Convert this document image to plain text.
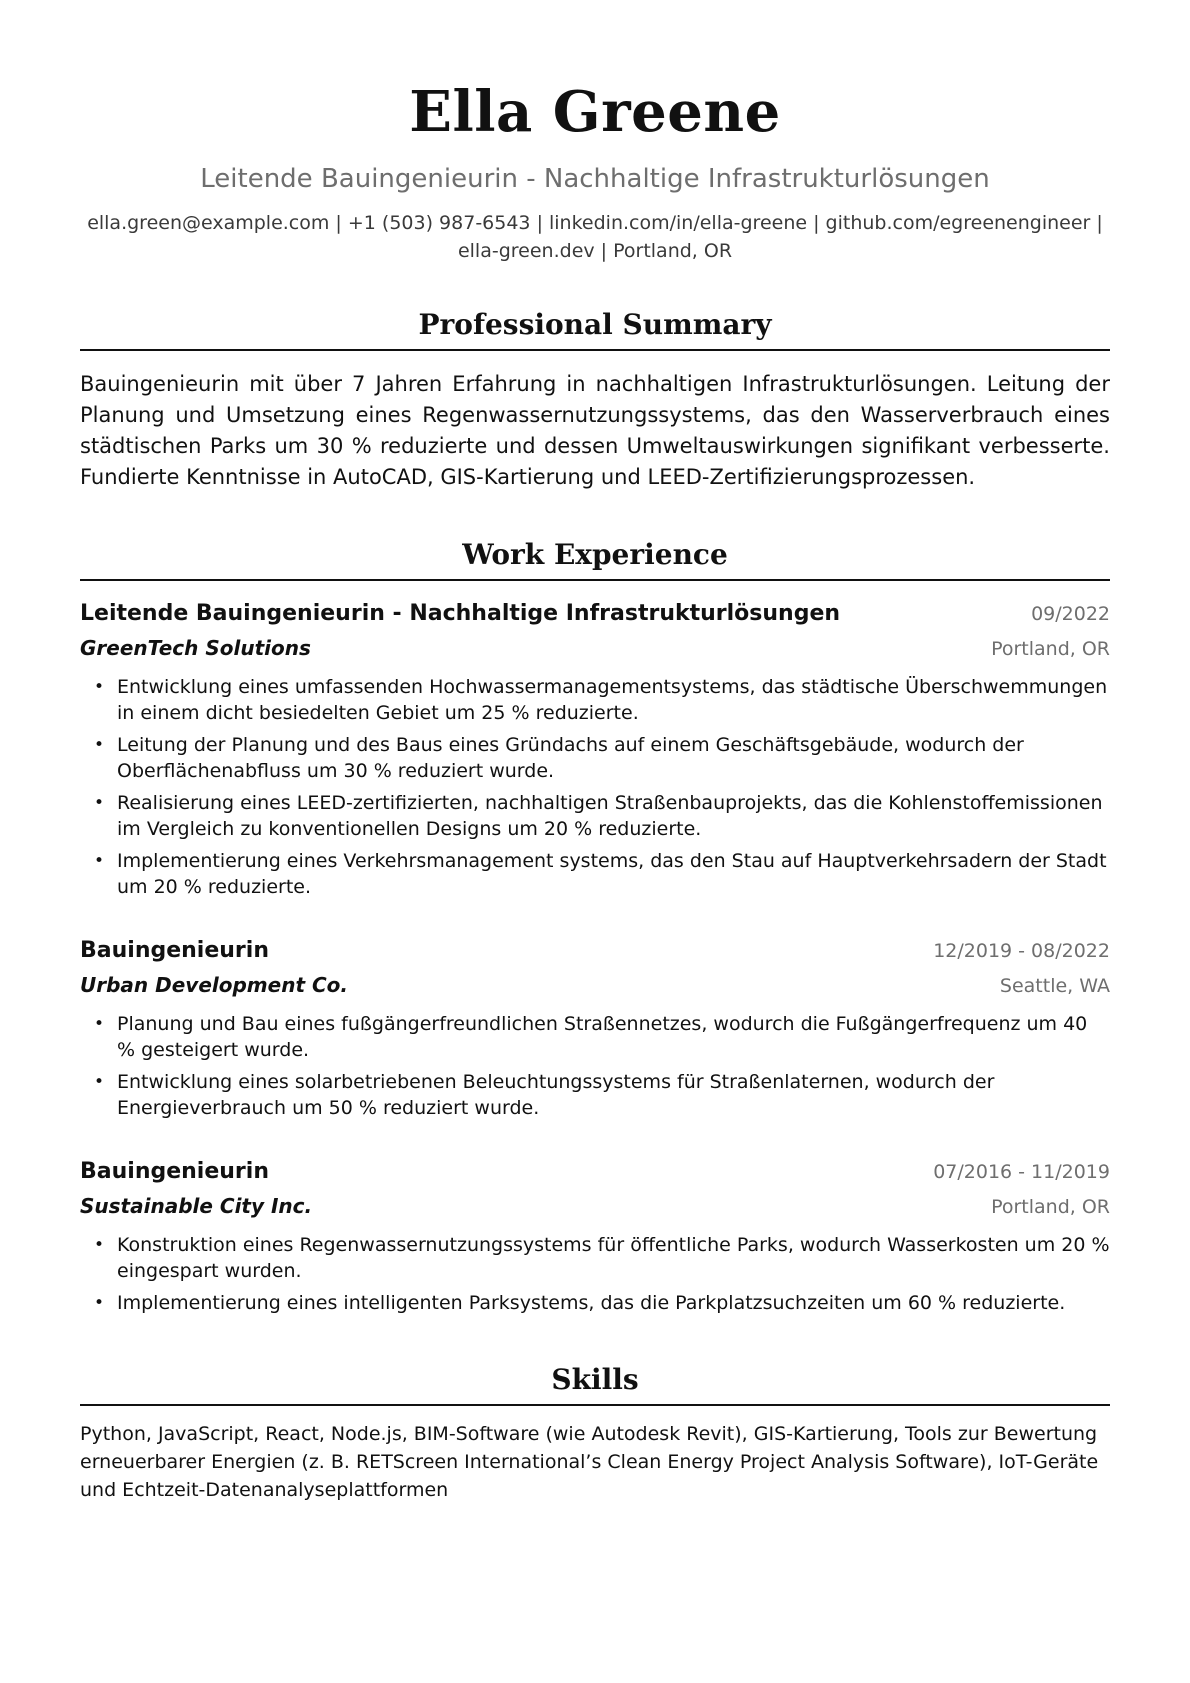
Ella Greene
Leitende Bauingenieurin - Nachhaltige Infrastrukturlösungen
ella.green@example.com | +1 (503) 987-6543 | linkedin.com/in/ella-greene | github.com/egreenengineer |
ella-green.dev | Portland, OR
Professional Summary
Bauingenieurin mit über 7 Jahren Erfahrung in nachhaltigen Infrastrukturlösungen. Leitung der Planung und Umsetzung eines Regenwassernutzungssystems, das den Wasserverbrauch eines städtischen Parks um 30 % reduzierte und dessen Umweltauswirkungen signifikant verbesserte. Fundierte Kenntnisse in AutoCAD, GIS-Kartierung und LEED-Zertifizierungsprozessen.
Work Experience
Leitende Bauingenieurin - Nachhaltige Infrastrukturlösungen	09/2022
GreenTech Solutions	Portland, OR
• Entwicklung eines umfassenden Hochwassermanagementsystems, das städtische Überschwemmungen in einem dicht besiedelten Gebiet um 25 % reduzierte.
• Leitung der Planung und des Baus eines Gründachs auf einem Geschäftsgebäude, wodurch der Oberflächenabfluss um 30 % reduziert wurde.
• Realisierung eines LEED-zertifizierten, nachhaltigen Straßenbauprojekts, das die Kohlenstoffemissionen im Vergleich zu konventionellen Designs um 20 % reduzierte.
• Implementierung eines Verkehrsmanagement systems, das den Stau auf Hauptverkehrsadern der Stadt um 20 % reduzierte.
Bauingenieurin	12/2019 - 08/2022
Urban Development Co.	Seattle, WA
• Planung und Bau eines fußgängerfreundlichen Straßennetzes, wodurch die Fußgängerfrequenz um 40 % gesteigert wurde.
• Entwicklung eines solarbetriebenen Beleuchtungssystems für Straßenlaternen, wodurch der Energieverbrauch um 50 % reduziert wurde.
Bauingenieurin	07/2016 - 11/2019
Sustainable City Inc.	Portland, OR
• Konstruktion eines Regenwassernutzungssystems für öffentliche Parks, wodurch Wasserkosten um 20 % eingespart wurden.
• Implementierung eines intelligenten Parksystems, das die Parkplatzsuchzeiten um 60 % reduzierte.
Skills
Python, JavaScript, React, Node.js, BIM-Software (wie Autodesk Revit), GIS-Kartierung, Tools zur Bewertung erneuerbarer Energien (z. B. RETScreen International’s Clean Energy Project Analysis Software), IoT-Geräte und Echtzeit-Datenanalyseplattformen
